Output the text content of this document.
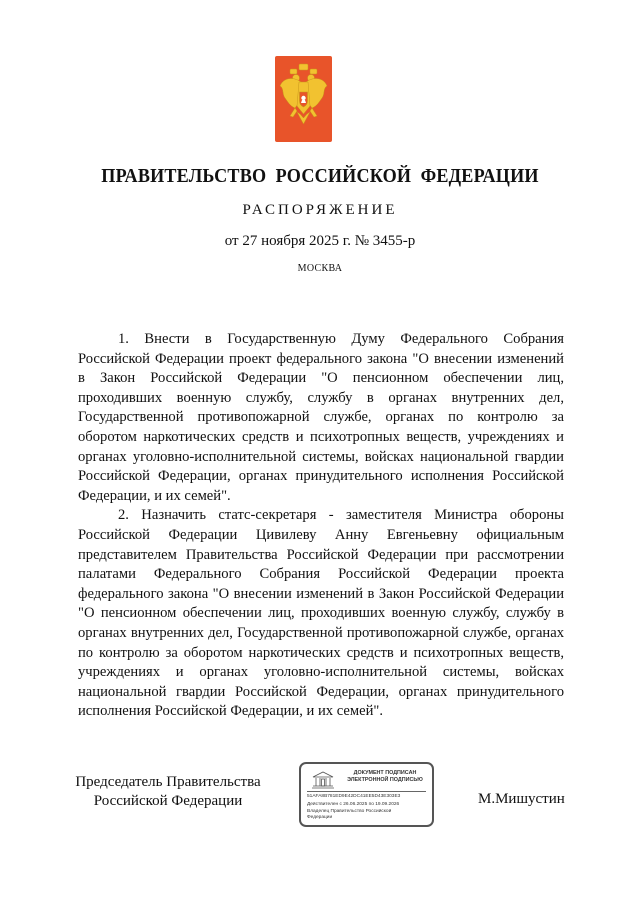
ПРАВИТЕЛЬСТВО РОССИЙСКОЙ ФЕДЕРАЦИИ
РАСПОРЯЖЕНИЕ
от 27 ноября 2025 г. № 3455-р
МОСКВА

1. Внести в Государственную Думу Федерального Собрания Российской Федерации проект федерального закона "О внесении изменений в Закон Российской Федерации "О пенсионном обеспечении лиц, проходивших военную службу, службу в органах внутренних дел, Государственной противопожарной службе, органах по контролю за оборотом наркотических средств и психотропных веществ, учреждениях и органах уголовно-исполнительной системы, войсках национальной гвардии Российской Федерации, органах принудительного исполнения Российской Федерации, и их семей".

2. Назначить статс-секретаря - заместителя Министра обороны Российской Федерации Цивилеву Анну Евгеньевну официальным представителем Правительства Российской Федерации при рассмотрении палатами Федерального Собрания Российской Федерации проекта федерального закона "О внесении изменений в Закон Российской Федерации "О пенсионном обеспечении лиц, проходивших военную службу, службу в органах внутренних дел, Государственной противопожарной службе, органах по контролю за оборотом наркотических средств и психотропных веществ, учреждениях и органах уголовно-исполнительной системы, войсках национальной гвардии Российской Федерации, органах принудительного исполнения Российской Федерации, и их семей".

Председатель Правительства
Российской Федерации
ДОКУМЕНТ ПОДПИСАН
ЭЛЕКТРОННОЙ ПОДПИСЬЮ
51AFA8B781ED9E42DC41EE5D43E303E3
Действителен с 26.06.2025 по 19.09.2026
Владелец Правительство Российской
Федерации
М.Мишустин
